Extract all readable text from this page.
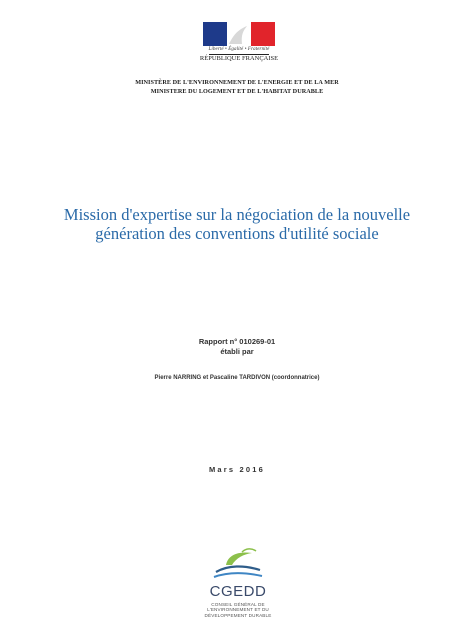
Liberté • Égalité • Fraternité
RÉPUBLIQUE FRANÇAISE
MINISTÈRE DE L'ENVIRONNEMENT DE L'ENERGIE ET DE LA MER
MINISTERE DU LOGEMENT ET DE L'HABITAT DURABLE
Mission d'expertise sur la négociation de la nouvelle
génération des conventions d'utilité sociale
Rapport n° 010269-01
établi par
Pierre NARRING et Pascaline TARDIVON (coordonnatrice)
Mars 2016
CGEDD
CONSEIL GÉNÉRAL DE
L'ENVIRONNEMENT ET DU
DÉVELOPPEMENT DURABLE
